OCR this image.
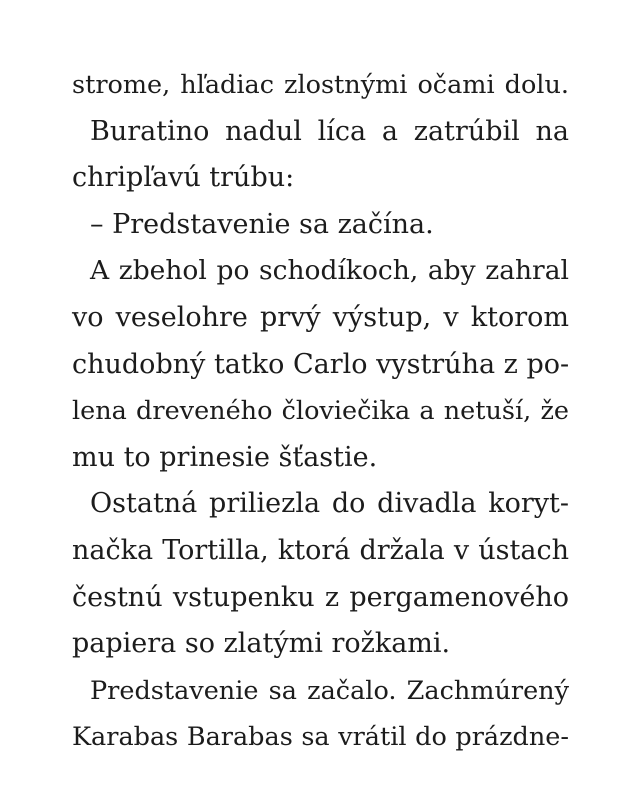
strome, hľadiac zlostnými očami dolu.
Buratino nadul líca a zatrúbil na
chripľavú trúbu:
– Predstavenie sa začína.
A zbehol po schodíkoch, aby zahral
vo veselohre prvý výstup, v ktorom
chudobný tatko Carlo vystrúha z po-
lena dreveného človiečika a netuší, že
mu to prinesie šťastie.
Ostatná priliezla do divadla koryt-
načka Tortilla, ktorá držala v ústach
čestnú vstupenku z pergamenového
papiera so zlatými rožkami.
Predstavenie sa začalo. Zachmúrený
Karabas Barabas sa vrátil do prázdne-
